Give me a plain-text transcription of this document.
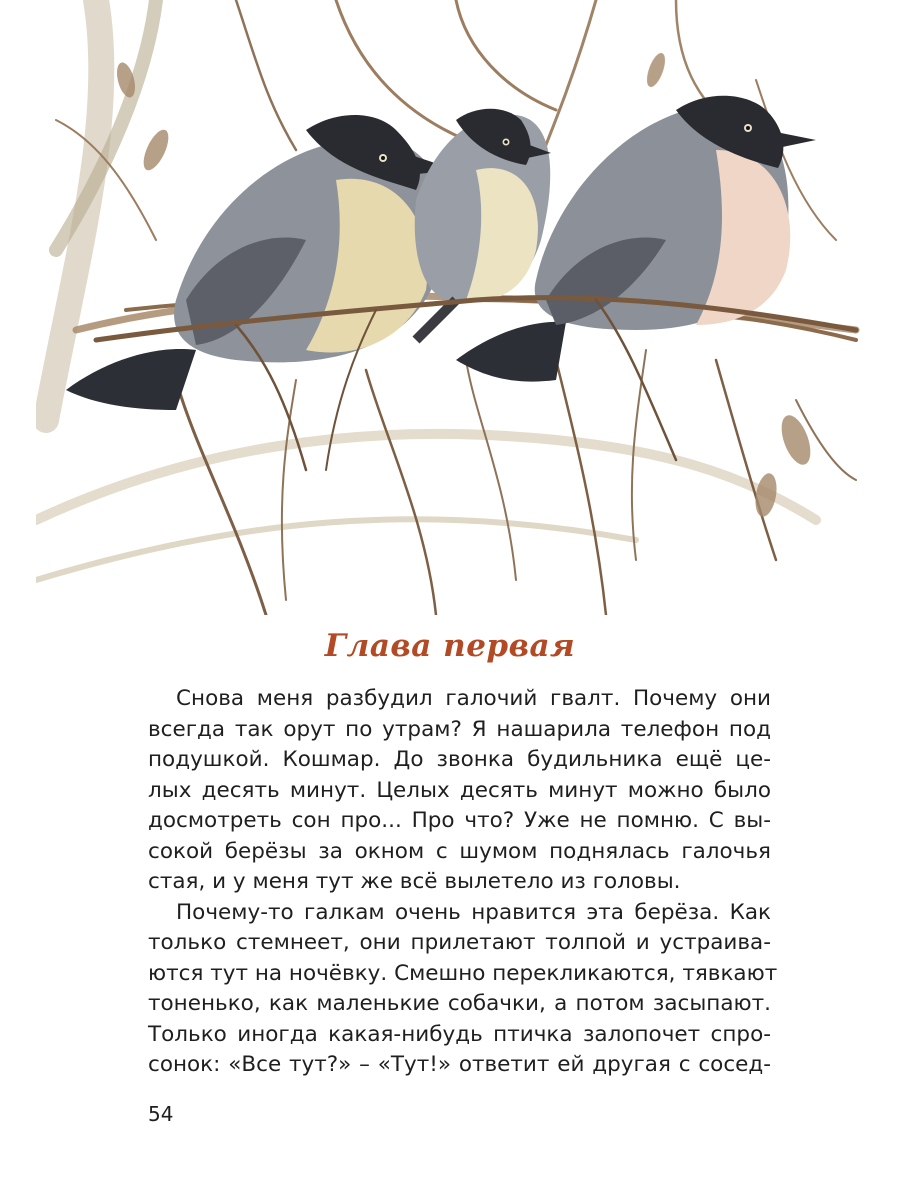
Глава первая
Снова меня разбудил галочий гвалт. Почему они
всегда так орут по утрам? Я нашарила телефон под
подушкой. Кошмар. До звонка будильника ещё це-
лых десять минут. Целых десять минут можно было
досмотреть сон про... Про что? Уже не помню. С вы-
сокой берёзы за окном с шумом поднялась галочья
стая, и у меня тут же всё вылетело из головы.
Почему-то галкам очень нравится эта берёза. Как
только стемнеет, они прилетают толпой и устраива-
ются тут на ночёвку. Смешно перекликаются, тявкают
тоненько, как маленькие собачки, а потом засыпают.
Только иногда какая-нибудь птичка залопочет спро-
сонок: «Все тут?» – «Тут!» ответит ей другая с сосед-
54
